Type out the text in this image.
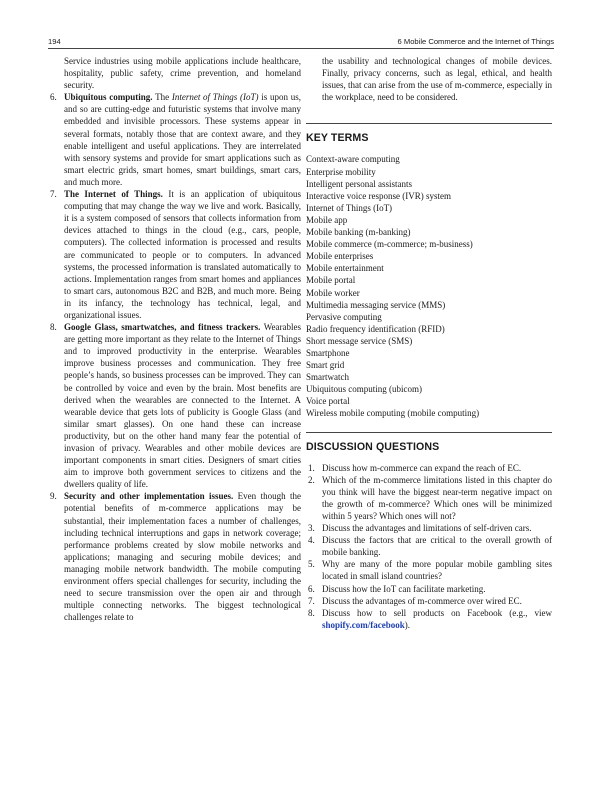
194	6 Mobile Commerce and the Internet of Things

Service industries using mobile applications include healthcare, hospitality, public safety, crime prevention, and homeland security.

6. Ubiquitous computing. The Internet of Things (IoT) is upon us, and so are cutting-edge and futuristic systems that involve many embedded and invisible processors. These systems appear in several formats, notably those that are context aware, and they enable intelligent and useful applications. They are interrelated with sensory systems and provide for smart applications such as smart electric grids, smart homes, smart buildings, smart cars, and much more.
7. The Internet of Things. It is an application of ubiquitous computing that may change the way we live and work. Basically, it is a system composed of sensors that collects information from devices attached to things in the cloud (e.g., cars, people, computers). The collected information is processed and results are communicated to people or to computers. In advanced systems, the processed information is translated automatically to actions. Implementation ranges from smart homes and appliances to smart cars, autonomous B2C and B2B, and much more. Being in its infancy, the technology has technical, legal, and organizational issues.
8. Google Glass, smartwatches, and fitness trackers. Wearables are getting more important as they relate to the Internet of Things and to improved productivity in the enterprise. Wearables improve business processes and communication. They free people’s hands, so business processes can be improved. They can be controlled by voice and even by the brain. Most benefits are derived when the wearables are connected to the Internet. A wearable device that gets lots of publicity is Google Glass (and similar smart glasses). On one hand these can increase productivity, but on the other hand many fear the potential of invasion of privacy. Wearables and other mobile devices are important components in smart cities. Designers of smart cities aim to improve both government services to citizens and the dwellers quality of life.
9. Security and other implementation issues. Even though the potential benefits of m-commerce applications may be substantial, their implementation faces a number of challenges, including technical interruptions and gaps in network coverage; performance problems created by slow mobile networks and applications; managing and securing mobile devices; and managing mobile network bandwidth. The mobile computing environment offers special challenges for security, including the need to secure transmission over the open air and through multiple connecting networks. The biggest technological challenges relate to

the usability and technological changes of mobile devices. Finally, privacy concerns, such as legal, ethical, and health issues, that can arise from the use of m-commerce, especially in the workplace, need to be considered.

KEY TERMS
Context-aware computing
Enterprise mobility
Intelligent personal assistants
Interactive voice response (IVR) system
Internet of Things (IoT)
Mobile app
Mobile banking (m-banking)
Mobile commerce (m-commerce; m-business)
Mobile enterprises
Mobile entertainment
Mobile portal
Mobile worker
Multimedia messaging service (MMS)
Pervasive computing
Radio frequency identification (RFID)
Short message service (SMS)
Smartphone
Smart grid
Smartwatch
Ubiquitous computing (ubicom)
Voice portal
Wireless mobile computing (mobile computing)
DISCUSSION QUESTIONS
1. Discuss how m-commerce can expand the reach of EC.
2. Which of the m-commerce limitations listed in this chapter do you think will have the biggest near-term negative impact on the growth of m-commerce? Which ones will be minimized within 5 years? Which ones will not?
3. Discuss the advantages and limitations of self-driven cars.
4. Discuss the factors that are critical to the overall growth of mobile banking.
5. Why are many of the more popular mobile gambling sites located in small island countries?
6. Discuss how the IoT can facilitate marketing.
7. Discuss the advantages of m-commerce over wired EC.
8. Discuss how to sell products on Facebook (e.g., view shopify.com/facebook).
